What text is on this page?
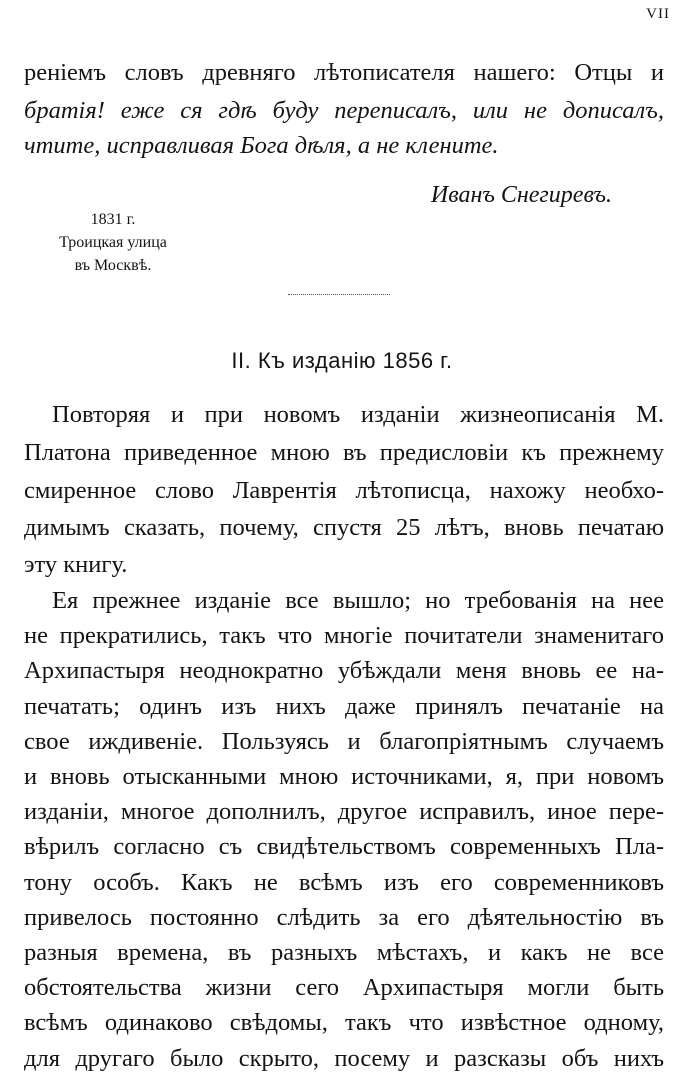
VII
ренiемъ словъ древняго лѣтописателя нашего: Отцы и
братiя! еже ся гдѣ буду переписалъ, или не дописалъ,
чтите, исправливая Бога дѣля, а не клените.
Иванъ Снегиревъ.
1831 г.
Троицкая улица
въ Москвѣ.
II. Къ изданiю 1856 г.
Повторяя и при новомъ изданiи жизнеописанiя М.
Платона приведенное мною въ предисловiи къ прежнему
смиренное слово Лаврентiя лѣтописца, нахожу необхо-
димымъ сказать, почему, спустя 25 лѣтъ, вновь печатаю
эту книгу.
Ея прежнее изданiе все вышло; но требованiя на нее
не прекратились, такъ что многiе почитатели знаменитаго
Архипастыря неоднократно убѣждали меня вновь ее на-
печатать; одинъ изъ нихъ даже принялъ печатанiе на
свое иждивенiе. Пользуясь и благопрiятнымъ случаемъ
и вновь отысканными мною источниками, я, при новомъ
изданiи, многое дополнилъ, другое исправилъ, иное пере-
вѣрилъ согласно съ свидѣтельствомъ современныхъ Пла-
тону особъ. Какъ не всѣмъ изъ его современниковъ
привелось постоянно слѣдить за его дѣятельностiю въ
разныя времена, въ разныхъ мѣстахъ, и какъ не все
обстоятельства жизни сего Архипастыря могли быть
всѣмъ одинаково свѣдомы, такъ что извѣстное одному,
для другаго было скрыто, посему и разсказы объ нихъ
